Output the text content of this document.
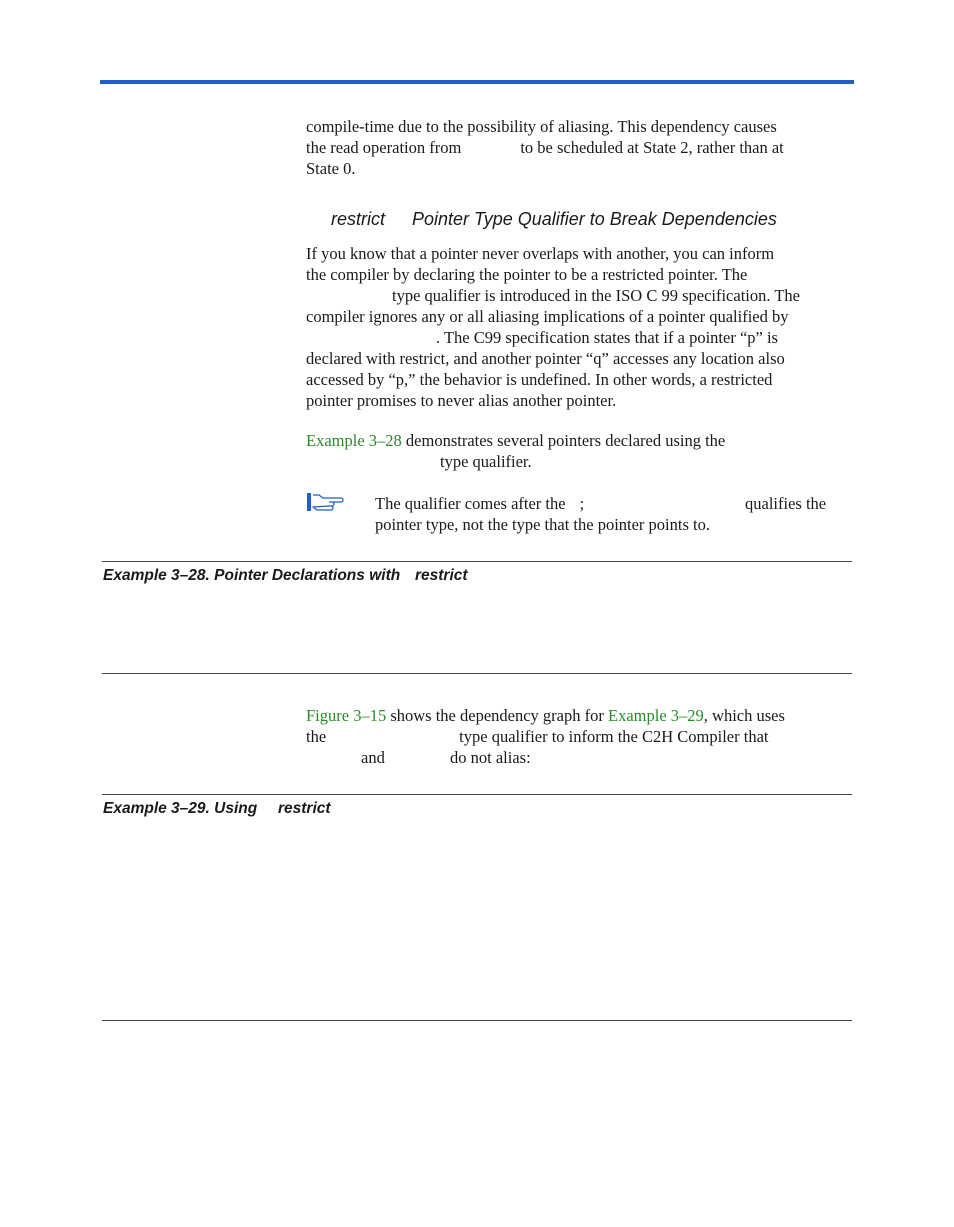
compile-time due to the possibility of aliasing. This dependency causes
the read operation from	to be scheduled at State 2, rather than at
State 0.
restrict Pointer Type Qualifier to Break Dependencies
If you know that a pointer never overlaps with another, you can inform
the compiler by declaring the pointer to be a restricted pointer. The
type qualifier is introduced in the ISO C 99 specification. The
compiler ignores any or all aliasing implications of a pointer qualified by
. The C99 specification states that if a pointer “p” is
declared with restrict, and another pointer “q” accesses any location also
accessed by “p,” the behavior is undefined. In other words, a restricted
pointer promises to never alias another pointer.
Example 3–28 demonstrates several pointers declared using the
type qualifier.
The qualifier comes after the ;
pointer type, not the type that the pointer points to.
qualifies the
Example 3–28. Pointer Declarations with restrict
Figure 3–15 shows the dependency graph for Example 3–29, which uses
the	type qualifier to inform the C2H Compiler that
and	do not alias:
Example 3–29. Using restrict
